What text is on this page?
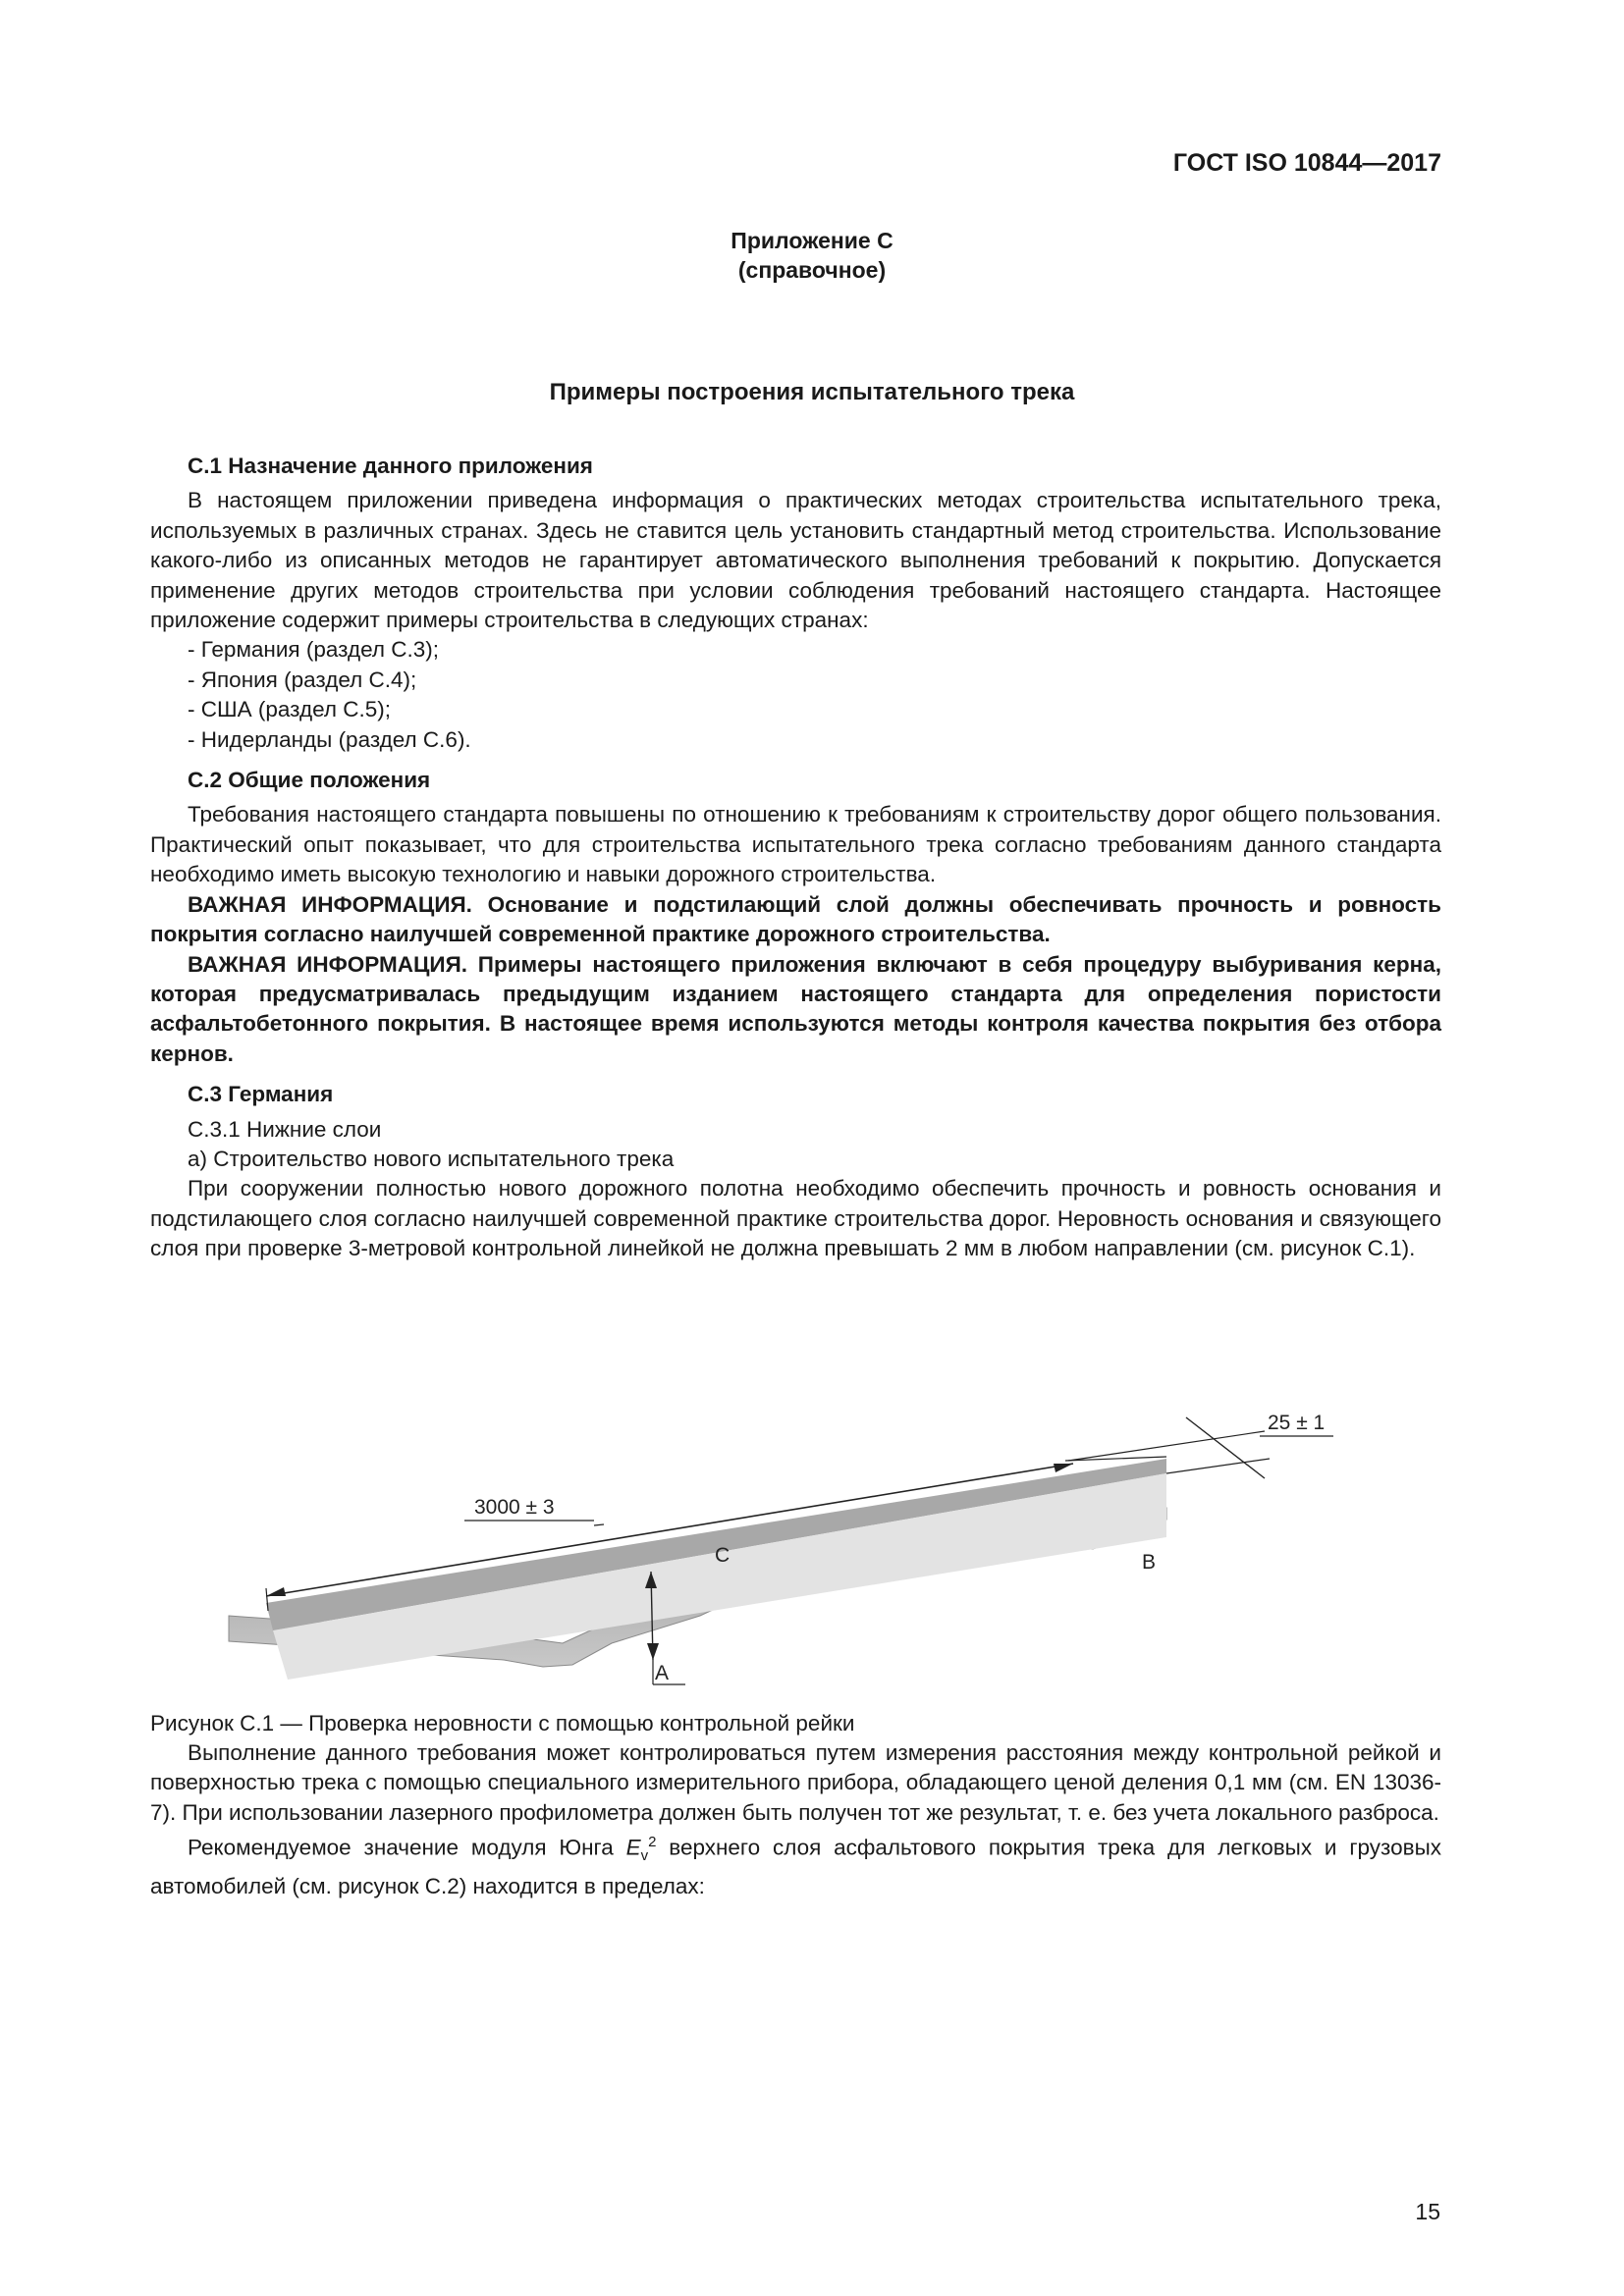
ГОСТ ISO 10844—2017

Приложение С
(справочное)
Примеры построения испытательного трека
С.1 Назначение данного приложения

В настоящем приложении приведена информация о практических методах строительства испытательного трека, используемых в различных странах. Здесь не ставится цель установить стандартный метод строительства. Использование какого-либо из описанных методов не гарантирует автоматического выполнения требований к покрытию. Допускается применение других методов строительства при условии соблюдения требований настоящего стандарта. Настоящее приложение содержит примеры строительства в следующих странах:

- Германия (раздел С.3);
- Япония (раздел С.4);
- США (раздел С.5);
- Нидерланды (раздел С.6).
С.2 Общие положения

Требования настоящего стандарта повышены по отношению к требованиям к строительству дорог общего пользования. Практический опыт показывает, что для строительства испытательного трека согласно требованиям данного стандарта необходимо иметь высокую технологию и навыки дорожного строительства.

ВАЖНАЯ ИНФОРМАЦИЯ. Основание и подстилающий слой должны обеспечивать прочность и ровность покрытия согласно наилучшей современной практике дорожного строительства.

ВАЖНАЯ ИНФОРМАЦИЯ. Примеры настоящего приложения включают в себя процедуру выбуривания керна, которая предусматривалась предыдущим изданием настоящего стандарта для определения пористости асфальтобетонного покрытия. В настоящее время используются методы контроля качества покрытия без отбора кернов.

С.3 Германия

С.3.1 Нижние слои

а) Строительство нового испытательного трека

При сооружении полностью нового дорожного полотна необходимо обеспечить прочность и ровность основания и подстилающего слоя согласно наилучшей современной практике строительства дорог. Неровность основания и связующего слоя при проверке 3-метровой контрольной линейкой не должна превышать 2 мм в любом направлении (см. рисунок С.1).

3000 ± 3
25 ± 1
A
B
C

Рисунок С.1 — Проверка неровности с помощью контрольной рейки

Выполнение данного требования может контролироваться путем измерения расстояния между контрольной рейкой и поверхностью трека с помощью специального измерительного прибора, обладающего ценой деления 0,1 мм (см. EN 13036-7). При использовании лазерного профилометра должен быть получен тот же результат, т. е. без учета локального разброса.

Рекомендуемое значение модуля Юнга $E_v^2$ верхнего слоя асфальтового покрытия трека для легковых и грузовых автомобилей (см. рисунок С.2) находится в пределах:

15
